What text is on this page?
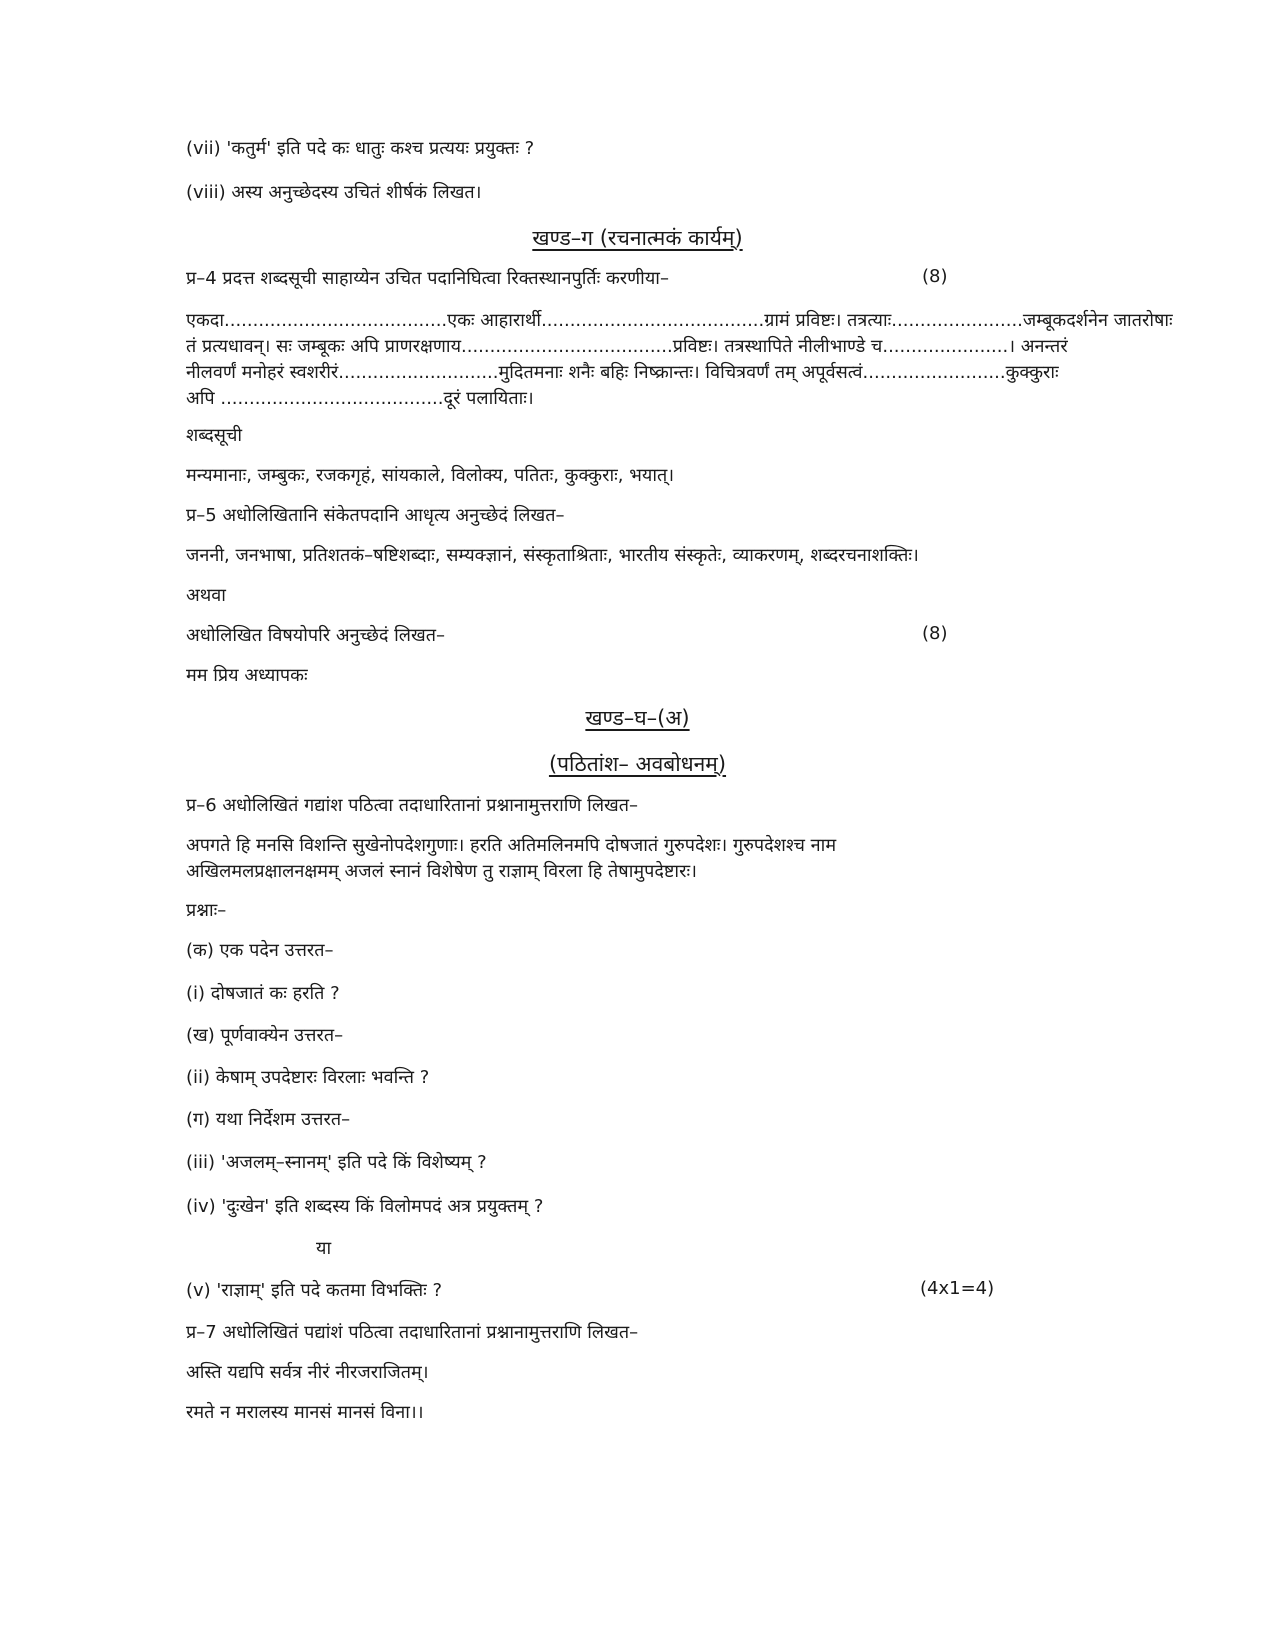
(vii) 'कतुर्म' इति पदे कः धातुः कश्च प्रत्ययः प्रयुक्तः ?
(viii) अस्य अनुच्छेदस्य उचितं शीर्षकं लिखत।
खण्ड–ग (रचनात्मकं कार्यम्)
प्र–4 प्रदत्त शब्दसूची साहाय्येन उचित पदानिघित्वा रिक्तस्थानपुर्तिः करणीया–	(8)
एकदा.......................................एकः आहारार्थी.......................................ग्रामं प्रविष्टः। तत्रत्याः.......................जम्बूकदर्शनेन जातरोषाः
तं प्रत्यधावन्। सः जम्बूकः अपि प्राणरक्षणाय.....................................प्रविष्टः। तत्रस्थापिते नीलीभाण्डे च......................। अनन्तरं
नीलवर्णं मनोहरं स्वशरीरं............................मुदितमनाः शनैः बहिः निष्क्रान्तः। विचित्रवर्णं तम् अपूर्वसत्वं.........................कुक्कुराः
अपि .......................................दूरं पलायिताः।
शब्दसूची
मन्यमानाः, जम्बुकः, रजकगृहं, सांयकाले, विलोक्य, पतितः, कुक्कुराः, भयात्।
प्र–5 अधोलिखितानि संकेतपदानि आधृत्य अनुच्छेदं लिखत–
जननी, जनभाषा, प्रतिशतकं–षष्टिशब्दाः, सम्यक्ज्ञानं, संस्कृताश्रिताः, भारतीय संस्कृतेः, व्याकरणम्, शब्दरचनाशक्तिः।
अथवा
अधोलिखित विषयोपरि अनुच्छेदं लिखत–	(8)
मम प्रिय अध्यापकः
खण्ड–घ–(अ)
(पठितांश– अवबोधनम्)
प्र–6 अधोलिखितं गद्यांश पठित्वा तदाधारितानां प्रश्नानामुत्तराणि लिखत–
अपगते हि मनसि विशन्ति सुखेनोपदेशगुणाः। हरति अतिमलिनमपि दोषजातं गुरुपदेशः। गुरुपदेशश्च नाम
अखिलमलप्रक्षालनक्षमम् अजलं स्नानं विशेषेण तु राज्ञाम् विरला हि तेषामुपदेष्टारः।
प्रश्नाः–
(क) एक पदेन उत्तरत–
(i) दोषजातं कः हरति ?
(ख) पूर्णवाक्येन उत्तरत–
(ii) केषाम् उपदेष्टारः विरलाः भवन्ति ?
(ग) यथा निर्देशम उत्तरत–
(iii) 'अजलम्–स्नानम्' इति पदे किं विशेष्यम् ?
(iv) 'दुःखेन' इति शब्दस्य किं विलोमपदं अत्र प्रयुक्तम् ?
या
(v) 'राज्ञाम्' इति पदे कतमा विभक्तिः ?	(4x1=4)
प्र–7 अधोलिखितं पद्यांशं पठित्वा तदाधारितानां प्रश्नानामुत्तराणि लिखत–
अस्ति यद्यपि सर्वत्र नीरं नीरजराजितम्।
रमते न मरालस्य मानसं मानसं विना।।
